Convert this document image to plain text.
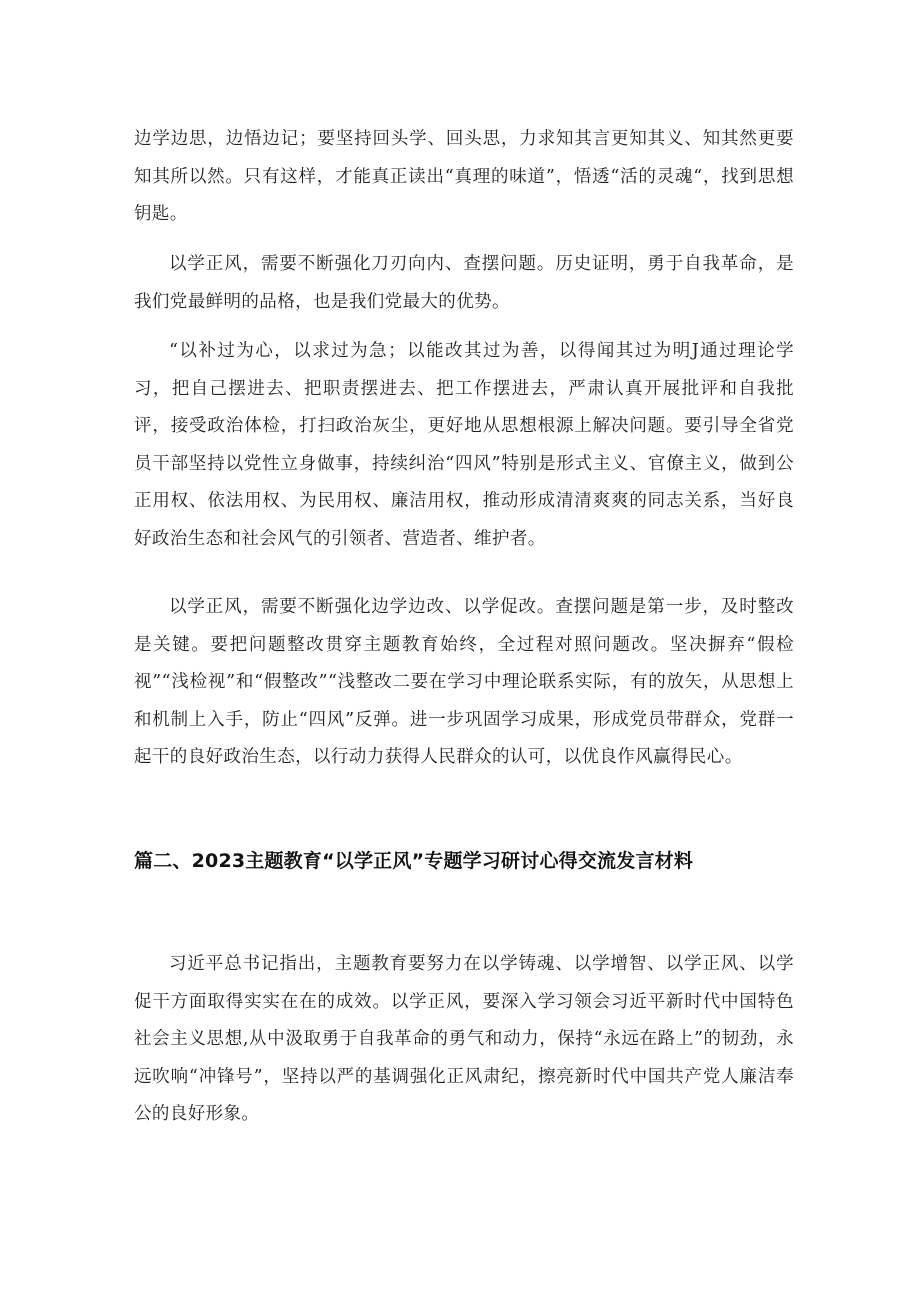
边学边思，边悟边记；要坚持回头学、回头思，力求知其言更知其义、知其然更要知其所以然。只有这样，才能真正读出“真理的味道”，悟透“活的灵魂“，找到思想钥匙。

以学正风，需要不断强化刀刃向内、查摆问题。历史证明，勇于自我革命，是我们党最鲜明的品格，也是我们党最大的优势。

“以补过为心，以求过为急；以能改其过为善，以得闻其过为明J通过理论学习，把自己摆进去、把职责摆进去、把工作摆进去，严肃认真开展批评和自我批评，接受政治体检，打扫政治灰尘，更好地从思想根源上解决问题。要引导全省党员干部坚持以党性立身做事，持续纠治“四风”特别是形式主义、官僚主义，做到公正用权、依法用权、为民用权、廉洁用权，推动形成清清爽爽的同志关系，当好良好政治生态和社会风气的引领者、营造者、维护者。

以学正风，需要不断强化边学边改、以学促改。查摆问题是第一步，及时整改是关键。要把问题整改贯穿主题教育始终，全过程对照问题改。坚决摒弃“假检视”“浅检视”和“假整改”“浅整改二要在学习中理论联系实际，有的放矢，从思想上和机制上入手，防止“四风”反弹。进一步巩固学习成果，形成党员带群众，党群一起干的良好政治生态，以行动力获得人民群众的认可，以优良作风赢得民心。

篇二、2023主题教育“以学正风”专题学习研讨心得交流发言材料

习近平总书记指出，主题教育要努力在以学铸魂、以学增智、以学正风、以学促干方面取得实实在在的成效。以学正风，要深入学习领会习近平新时代中国特色社会主义思想,从中汲取勇于自我革命的勇气和动力，保持“永远在路上”的韧劲，永远吹响“冲锋号”，坚持以严的基调强化正风肃纪，擦亮新时代中国共产党人廉洁奉公的良好形象。
